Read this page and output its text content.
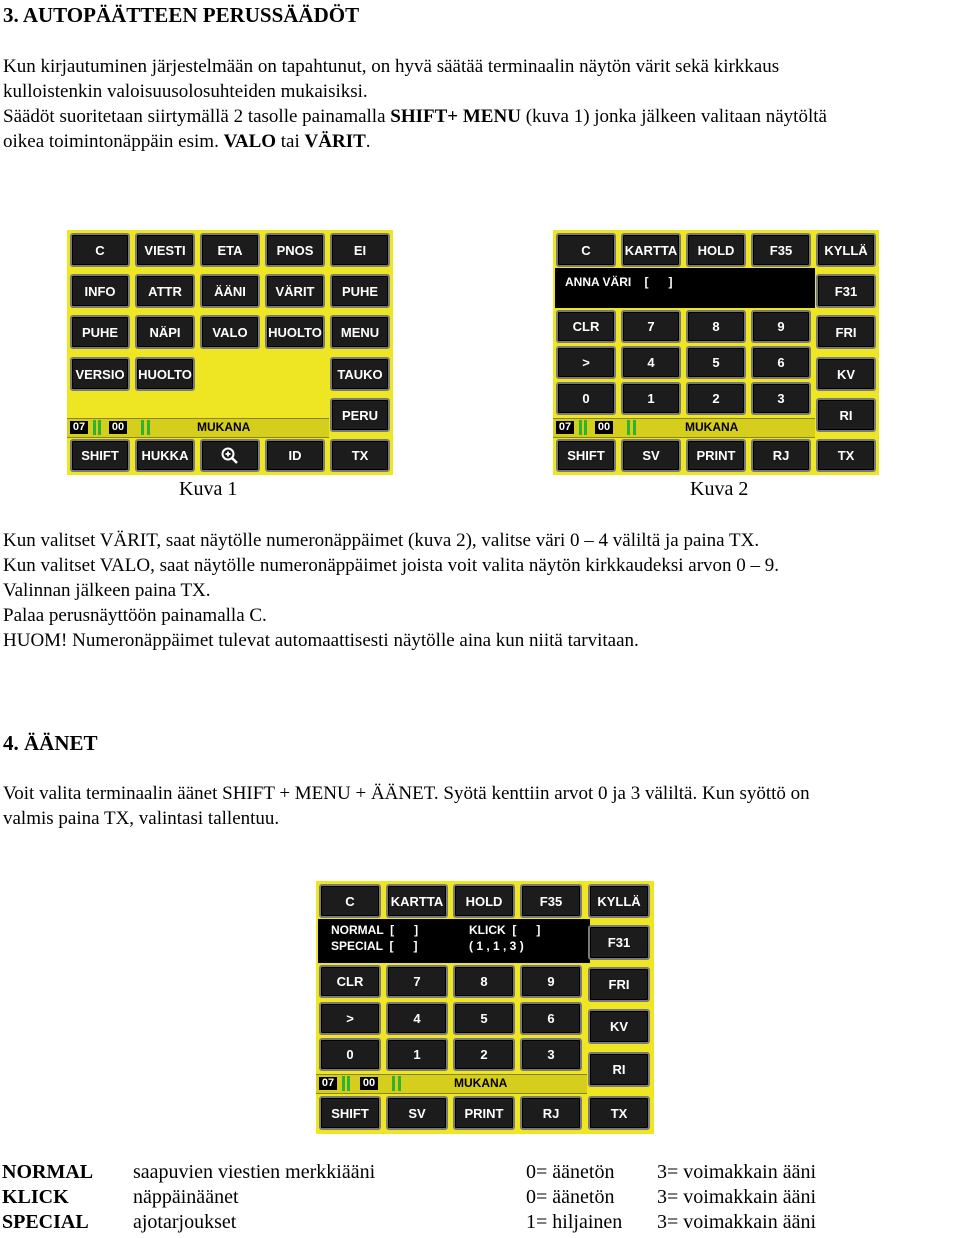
3. AUTOPÄÄTTEEN PERUSSÄÄDÖT
Kun kirjautuminen järjestelmään on tapahtunut, on hyvä säätää terminaalin näytön värit sekä kirkkaus
kulloistenkin valoisuusolosuhteiden mukaisiksi.
Säädöt suoritetaan siirtymällä 2 tasolle painamalla SHIFT+ MENU (kuva 1) jonka jälkeen valitaan näytöltä
oikea toimintonäppäin esim. VALO tai VÄRIT.
C	VIESTI	ETA	PNOS	EI
INFO	ATTR	ÄÄNI	VÄRIT	PUHE
PUHE	NÄPI	VALO	HUOLTO	MENU
VERSIO	HUOLTO	TAUKO
PERU
07 00	MUKANA
SHIFT	HUKKA	ID	TX
Kuva 1
C	KARTTA	HOLD	F35	KYLLÄ
ANNA VÄRI    [      ]
F31
FRI
KV
RI
CLR	7	8	9
>	4	5	6
0	1	2	3
07 00	MUKANA
SHIFT	SV	PRINT	RJ	TX
Kuva 2
Kun valitset VÄRIT, saat näytölle numeronäppäimet (kuva 2), valitse väri 0 – 4 väliltä ja paina TX.
Kun valitset VALO, saat näytölle numeronäppäimet joista voit valita näytön kirkkaudeksi arvon 0 – 9.
Valinnan jälkeen paina TX.
Palaa perusnäyttöön painamalla C.
HUOM! Numeronäppäimet tulevat automaattisesti näytölle aina kun niitä tarvitaan.
4. ÄÄNET
Voit valita terminaalin äänet SHIFT + MENU + ÄÄNET. Syötä kenttiin arvot 0 ja 3 väliltä. Kun syöttö on
valmis paina TX, valintasi tallentuu.
C	KARTTA	HOLD	F35	KYLLÄ
NORMAL  [      ]	KLICK  [      ]
SPECIAL  [      ]	( 1 , 1 , 3 )	F31
FRI
KV
RI
CLR	7	8	9
>	4	5	6
0	1	2	3
07	00	MUKANA
SHIFT	SV	PRINT	RJ	TX
NORMAL	saapuvien viestien merkkiääni	0= äänetön	3= voimakkain ääni
KLICK	näppäinäänet	0= äänetön	3= voimakkain ääni
SPECIAL	ajotarjoukset	1= hiljainen	3= voimakkain ääni
